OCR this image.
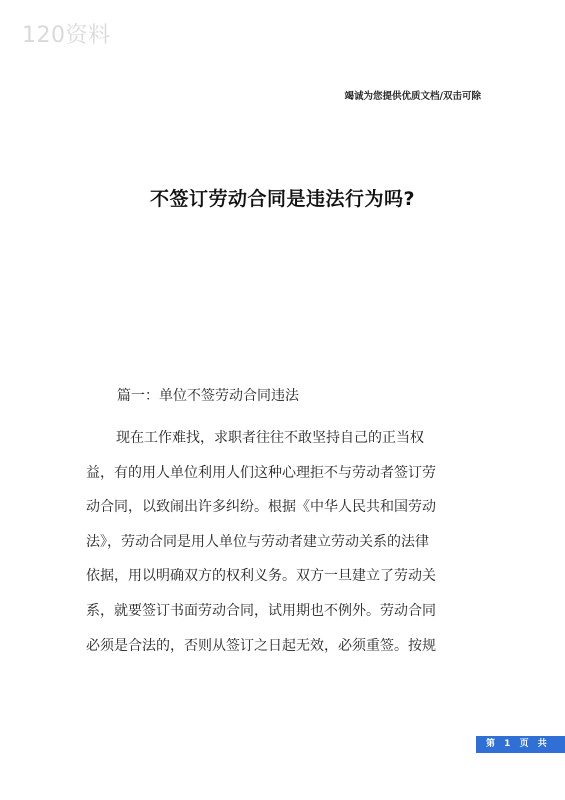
120资料
竭诚为您提供优质文档/双击可除
不签订劳动合同是违法行为吗?
篇一：单位不签劳动合同违法
现在工作难找，求职者往往不敢坚持自己的正当权
益，有的用人单位利用人们这种心理拒不与劳动者签订劳
动合同，以致闹出许多纠纷。根据《中华人民共和国劳动
法》，劳动合同是用人单位与劳动者建立劳动关系的法律
依据，用以明确双方的权利义务。双方一旦建立了劳动关
系，就要签订书面劳动合同，试用期也不例外。劳动合同
必须是合法的，否则从签订之日起无效，必须重签。按规
第 1 页 共
